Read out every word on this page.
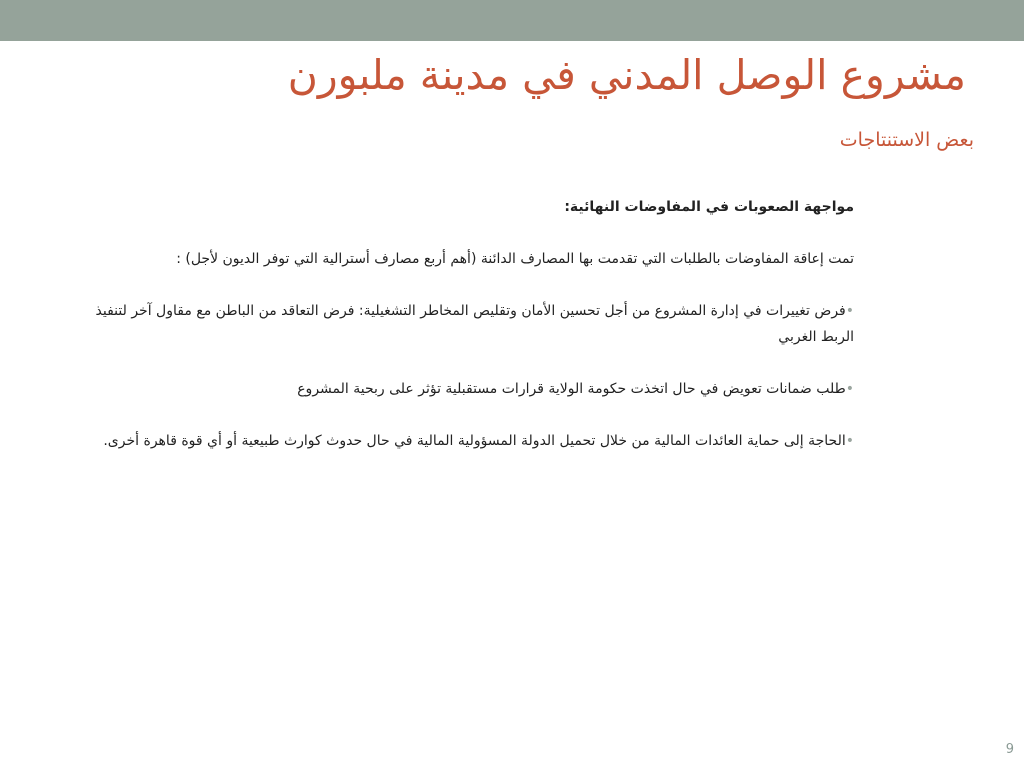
مشروع الوصل المدني في مدينة ملبورن
بعض الاستنتاجات

مواجهة الصعوبات في المفاوضات النهائية:

تمت إعاقة المفاوضات بالطلبات التي تقدمت بها المصارف الدائنة (أهم أربع مصارف أسترالية التي توفر الديون لأجل) :

•فرض تغييرات في إدارة المشروع من أجل تحسين الأمان وتقليص المخاطر التشغيلية: فرض التعاقد من الباطن مع مقاول آخر لتنفيذ الربط الغربي

•طلب ضمانات تعويض في حال اتخذت حكومة الولاية قرارات مستقبلية تؤثر على ربحية المشروع

•الحاجة إلى حماية العائدات المالية من خلال تحميل الدولة المسؤولية المالية في حال حدوث كوارث طبيعية أو أي قوة قاهرة أخرى.

9
